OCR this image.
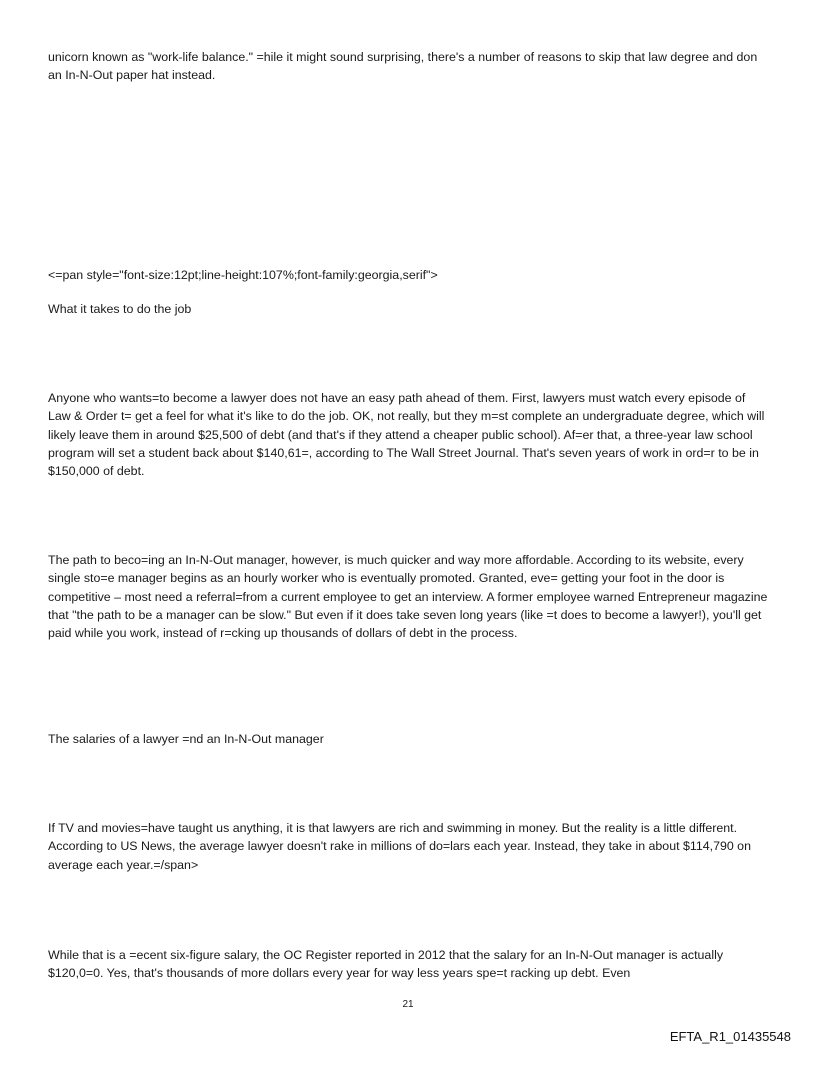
unicorn known as "work-life balance." =hile it might sound surprising, there's a number of reasons to skip that law degree and don an In-N-Out paper hat instead.

<=pan style="font-size:12pt;line-height:107%;font-family:georgia,serif">

What it takes to do the job

Anyone who wants=to become a lawyer does not have an easy path ahead of them. First, lawyers must watch every episode of Law & Order t= get a feel for what it's like to do the job. OK, not really, but they m=st complete an undergraduate degree, which will likely leave them in around $25,500 of debt (and that's if they attend a cheaper public school). Af=er that, a three-year law school program will set a student back about $140,61=, according to The Wall Street Journal. That's seven years of work in ord=r to be in $150,000 of debt.

The path to beco=ing an In-N-Out manager, however, is much quicker and way more affordable. According to its website, every single sto=e manager begins as an hourly worker who is eventually promoted. Granted, eve= getting your foot in the door is competitive – most need a referral=from a current employee to get an interview. A former employee warned Entrepreneur magazine that "the path to be a manager can be slow." But even if it does take seven long years (like =t does to become a lawyer!), you'll get paid while you work, instead of r=cking up thousands of dollars of debt in the process.

The salaries of a lawyer =nd an In-N-Out manager

If TV and movies=have taught us anything, it is that lawyers are rich and swimming in money. But the reality is a little different. According to US News, the average lawyer doesn't rake in millions of do=lars each year. Instead, they take in about $114,790 on average each year.=/span>

While that is a =ecent six-figure salary, the OC Register reported in 2012 that the salary for an In-N-Out manager is actually $120,0=0. Yes, that's thousands of more dollars every year for way less years spe=t racking up debt. Even

21

EFTA_R1_01435548
